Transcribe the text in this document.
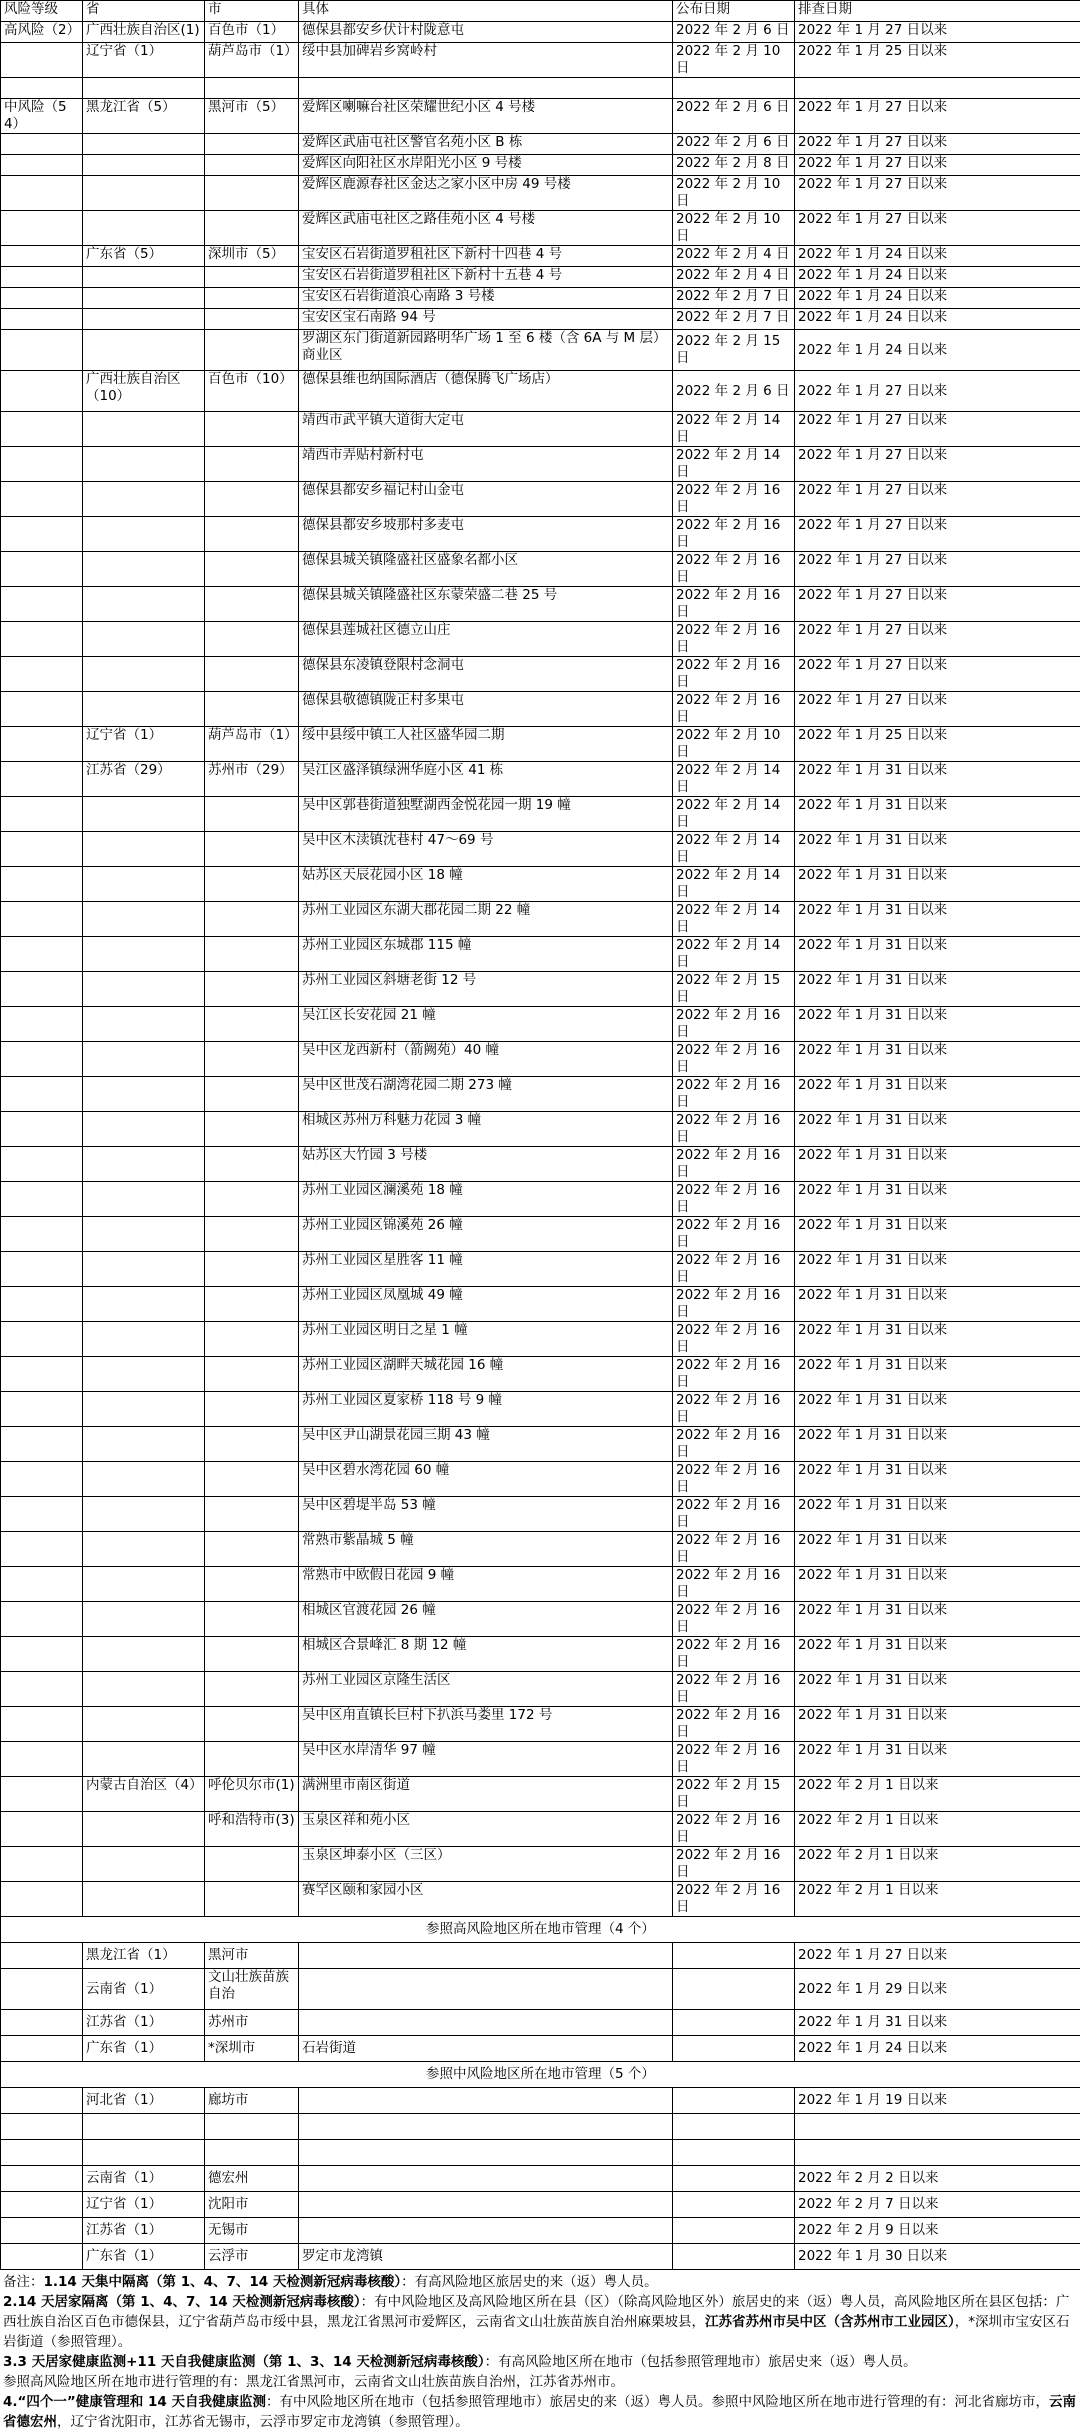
风险等级	省	市	具体	公布日期	排查日期
高风险（2）	广西壮族自治区(1)	百色市（1）	德保县都安乡伏计村陇意屯	2022 年 2 月 6 日	2022 年 1 月 27 日以来
	辽宁省（1）	葫芦岛市（1）	绥中县加碑岩乡窝岭村	2022 年 2 月 10 日	2022 年 1 月 25 日以来

中风险（54）	黑龙江省（5）	黑河市（5）	爱辉区喇嘛台社区荣耀世纪小区 4 号楼	2022 年 2 月 6 日	2022 年 1 月 27 日以来
			爱辉区武庙屯社区警官名苑小区 B 栋	2022 年 2 月 6 日	2022 年 1 月 27 日以来
			爱辉区向阳社区水岸阳光小区 9 号楼	2022 年 2 月 8 日	2022 年 1 月 27 日以来
			爱辉区鹿源春社区金达之家小区中房 49 号楼	2022 年 2 月 10 日	2022 年 1 月 27 日以来
			爱辉区武庙屯社区之路佳苑小区 4 号楼	2022 年 2 月 10 日	2022 年 1 月 27 日以来
	广东省（5）	深圳市（5）	宝安区石岩街道罗租社区下新村十四巷 4 号	2022 年 2 月 4 日	2022 年 1 月 24 日以来
			宝安区石岩街道罗租社区下新村十五巷 4 号	2022 年 2 月 4 日	2022 年 1 月 24 日以来
			宝安区石岩街道浪心南路 3 号楼	2022 年 2 月 7 日	2022 年 1 月 24 日以来
			宝安区宝石南路 94 号	2022 年 2 月 7 日	2022 年 1 月 24 日以来
			罗湖区东门街道新园路明华广场 1 至 6 楼（含 6A 与 M 层）商业区	2022 年 2 月 15 日	2022 年 1 月 24 日以来
	广西壮族自治区（10）	百色市（10）	德保县维也纳国际酒店（德保腾飞广场店）	2022 年 2 月 6 日	2022 年 1 月 27 日以来
			靖西市武平镇大道街大定屯	2022 年 2 月 14 日	2022 年 1 月 27 日以来
			靖西市弄贴村新村屯	2022 年 2 月 14 日	2022 年 1 月 27 日以来
			德保县都安乡福记村山金屯	2022 年 2 月 16 日	2022 年 1 月 27 日以来
			德保县都安乡坡那村多麦屯	2022 年 2 月 16 日	2022 年 1 月 27 日以来
			德保县城关镇隆盛社区盛象名都小区	2022 年 2 月 16 日	2022 年 1 月 27 日以来
			德保县城关镇隆盛社区东蒙荣盛二巷 25 号	2022 年 2 月 16 日	2022 年 1 月 27 日以来
			德保县莲城社区德立山庄	2022 年 2 月 16 日	2022 年 1 月 27 日以来
			德保县东凌镇登限村念洞屯	2022 年 2 月 16 日	2022 年 1 月 27 日以来
			德保县敬德镇陇正村多果屯	2022 年 2 月 16 日	2022 年 1 月 27 日以来
	辽宁省（1）	葫芦岛市（1）	绥中县绥中镇工人社区盛华园二期	2022 年 2 月 10 日	2022 年 1 月 25 日以来
	江苏省（29）	苏州市（29）	吴江区盛泽镇绿洲华庭小区 41 栋	2022 年 2 月 14 日	2022 年 1 月 31 日以来
			吴中区郭巷街道独墅湖西金悦花园一期 19 幢	2022 年 2 月 14 日	2022 年 1 月 31 日以来
			吴中区木渎镇沈巷村 47～69 号	2022 年 2 月 14 日	2022 年 1 月 31 日以来
			姑苏区天辰花园小区 18 幢	2022 年 2 月 14 日	2022 年 1 月 31 日以来
			苏州工业园区东湖大郡花园二期 22 幢	2022 年 2 月 14 日	2022 年 1 月 31 日以来
			苏州工业园区东城郡 115 幢	2022 年 2 月 14 日	2022 年 1 月 31 日以来
			苏州工业园区斜塘老街 12 号	2022 年 2 月 15 日	2022 年 1 月 31 日以来
			吴江区长安花园 21 幢	2022 年 2 月 16 日	2022 年 1 月 31 日以来
			吴中区龙西新村（箭阙苑）40 幢	2022 年 2 月 16 日	2022 年 1 月 31 日以来
			吴中区世茂石湖湾花园二期 273 幢	2022 年 2 月 16 日	2022 年 1 月 31 日以来
			相城区苏州万科魅力花园 3 幢	2022 年 2 月 16 日	2022 年 1 月 31 日以来
			姑苏区大竹园 3 号楼	2022 年 2 月 16 日	2022 年 1 月 31 日以来
			苏州工业园区澜溪苑 18 幢	2022 年 2 月 16 日	2022 年 1 月 31 日以来
			苏州工业园区锦溪苑 26 幢	2022 年 2 月 16 日	2022 年 1 月 31 日以来
			苏州工业园区星胜客 11 幢	2022 年 2 月 16 日	2022 年 1 月 31 日以来
			苏州工业园区凤凰城 49 幢	2022 年 2 月 16 日	2022 年 1 月 31 日以来
			苏州工业园区明日之星 1 幢	2022 年 2 月 16 日	2022 年 1 月 31 日以来
			苏州工业园区湖畔天城花园 16 幢	2022 年 2 月 16 日	2022 年 1 月 31 日以来
			苏州工业园区夏家桥 118 号 9 幢	2022 年 2 月 16 日	2022 年 1 月 31 日以来
			吴中区尹山湖景花园三期 43 幢	2022 年 2 月 16 日	2022 年 1 月 31 日以来
			吴中区碧水湾花园 60 幢	2022 年 2 月 16 日	2022 年 1 月 31 日以来
			吴中区碧堤半岛 53 幢	2022 年 2 月 16 日	2022 年 1 月 31 日以来
			常熟市紫晶城 5 幢	2022 年 2 月 16 日	2022 年 1 月 31 日以来
			常熟市中欧假日花园 9 幢	2022 年 2 月 16 日	2022 年 1 月 31 日以来
			相城区官渡花园 26 幢	2022 年 2 月 16 日	2022 年 1 月 31 日以来
			相城区合景峰汇 8 期 12 幢	2022 年 2 月 16 日	2022 年 1 月 31 日以来
			苏州工业园区京隆生活区	2022 年 2 月 16 日	2022 年 1 月 31 日以来
			吴中区甪直镇长巨村下扒浜马娄里 172 号	2022 年 2 月 16 日	2022 年 1 月 31 日以来
			吴中区水岸清华 97 幢	2022 年 2 月 16 日	2022 年 1 月 31 日以来
	内蒙古自治区（4）	呼伦贝尔市(1)	满洲里市南区街道	2022 年 2 月 15 日	2022 年 2 月 1 日以来
		呼和浩特市(3)	玉泉区祥和苑小区	2022 年 2 月 16 日	2022 年 2 月 1 日以来
			玉泉区坤泰小区（三区）	2022 年 2 月 16 日	2022 年 2 月 1 日以来
			赛罕区颐和家园小区	2022 年 2 月 16 日	2022 年 2 月 1 日以来
参照高风险地区所在地市管理（4 个）					
	黑龙江省（1）	黑河市			2022 年 1 月 27 日以来
	云南省（1）	文山壮族苗族自治			2022 年 1 月 29 日以来
	江苏省（1）	苏州市			2022 年 1 月 31 日以来
	广东省（1）	*深圳市	石岩街道		2022 年 1 月 24 日以来
参照中风险地区所在地市管理（5 个）					
	河北省（1）	廊坊市			2022 年 1 月 19 日以来

	云南省（1）	德宏州			2022 年 2 月 2 日以来
	辽宁省（1）	沈阳市			2022 年 2 月 7 日以来
	江苏省（1）	无锡市			2022 年 2 月 9 日以来
	广东省（1）	云浮市	罗定市龙湾镇		2022 年 1 月 30 日以来
备注：1.14 天集中隔离（第 1、4、7、14 天检测新冠病毒核酸）：有高风险地区旅居史的来（返）粤人员。
2.14 天居家隔离（第 1、4、7、14 天检测新冠病毒核酸）：有中风险地区及高风险地区所在县（区）（除高风险地区外）旅居史的来（返）粤人员，高风险地区所在县区包括：广西壮族自治区百色市德保县，辽宁省葫芦岛市绥中县，黑龙江省黑河市爱辉区，云南省文山壮族苗族自治州麻栗坡县，江苏省苏州市吴中区（含苏州市工业园区），*深圳市宝安区石岩街道（参照管理）。
3.3 天居家健康监测+11 天自我健康监测（第 1、3、14 天检测新冠病毒核酸）：有高风险地区所在地市（包括参照管理地市）旅居史来（返）粤人员。
参照高风险地区所在地市进行管理的有：黑龙江省黑河市，云南省文山壮族苗族自治州，江苏省苏州市。
4.“四个一”健康管理和 14 天自我健康监测：有中风险地区所在地市（包括参照管理地市）旅居史的来（返）粤人员。参照中风险地区所在地市进行管理的有：河北省廊坊市，云南省德宏州，辽宁省沈阳市，江苏省无锡市，云浮市罗定市龙湾镇（参照管理）。
